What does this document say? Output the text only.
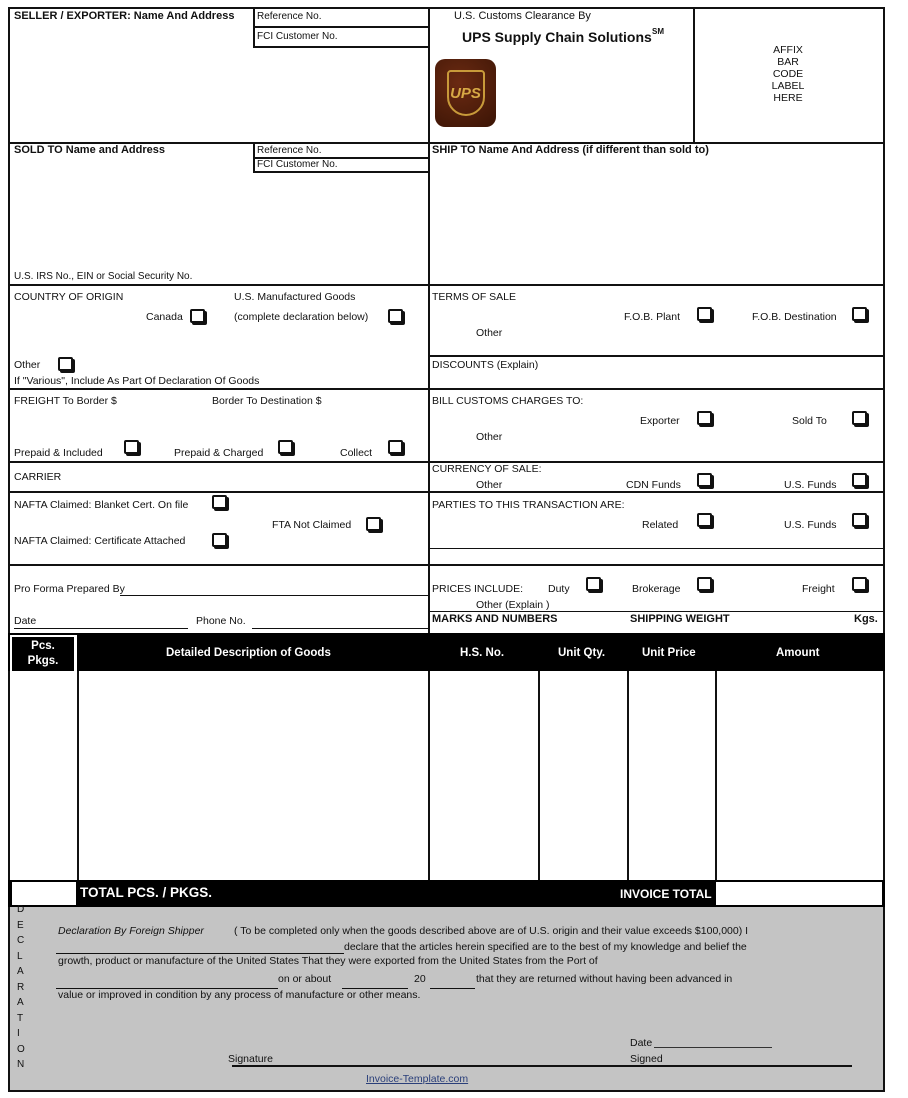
SELLER / EXPORTER: Name And Address Reference No.
FCI Customer No.
U.S. Customs Clearance By
UPS Supply Chain Solutions SM
UPS
AFFIX
BAR
CODE
LABEL
HERE
SOLD TO Name and Address	Reference No.
FCI Customer No.
U.S. IRS No., EIN or Social Security No.
SHIP TO Name And Address (if different than sold to)
COUNTRY OF ORIGIN	U.S. Manufactured Goods
Canada	(complete declaration below)
Other
If "Various", Include As Part Of Declaration Of Goods
TERMS OF SALE
F.O.B. Plant	F.O.B. Destination
Other
DISCOUNTS (Explain)
FREIGHT To Border $	Border To Destination $
Prepaid & Included	Prepaid & Charged	Collect
BILL CUSTOMS CHARGES TO:
Exporter	Sold To
Other
CARRIER
CURRENCY OF SALE:
Other	CDN Funds	U.S. Funds
NAFTA Claimed: Blanket Cert. On file
FTA Not Claimed
NAFTA Claimed: Certificate Attached
PARTIES TO THIS TRANSACTION ARE:
Related	U.S. Funds
Pro Forma Prepared By
Date	Phone No.
PRICES INCLUDE: Duty	Brokerage	Freight
Other (Explain )
MARKS AND NUMBERS	SHIPPING WEIGHT	Kgs.
Pcs.
Pkgs.
Detailed Description of Goods	H.S. No.	Unit Qty.	Unit Price	Amount
TOTAL PCS. / PKGS.	INVOICE TOTAL
D
E
C
L
A
R
A
T
I
O
N
Declaration By Foreign Shipper	( To be completed only when the goods described above are of U.S. origin and their value exceeds $100,000) I
declare that the articles herein specified are to the best of my knowledge and belief the
growth, product or manufacture of the United States That they were exported from the United States from the Port of
on or about	20	that they are returned without having been advanced in
value or improved in condition by any process of manufacture or other means.
Date
Signed
Signature
Invoice-Template.com
